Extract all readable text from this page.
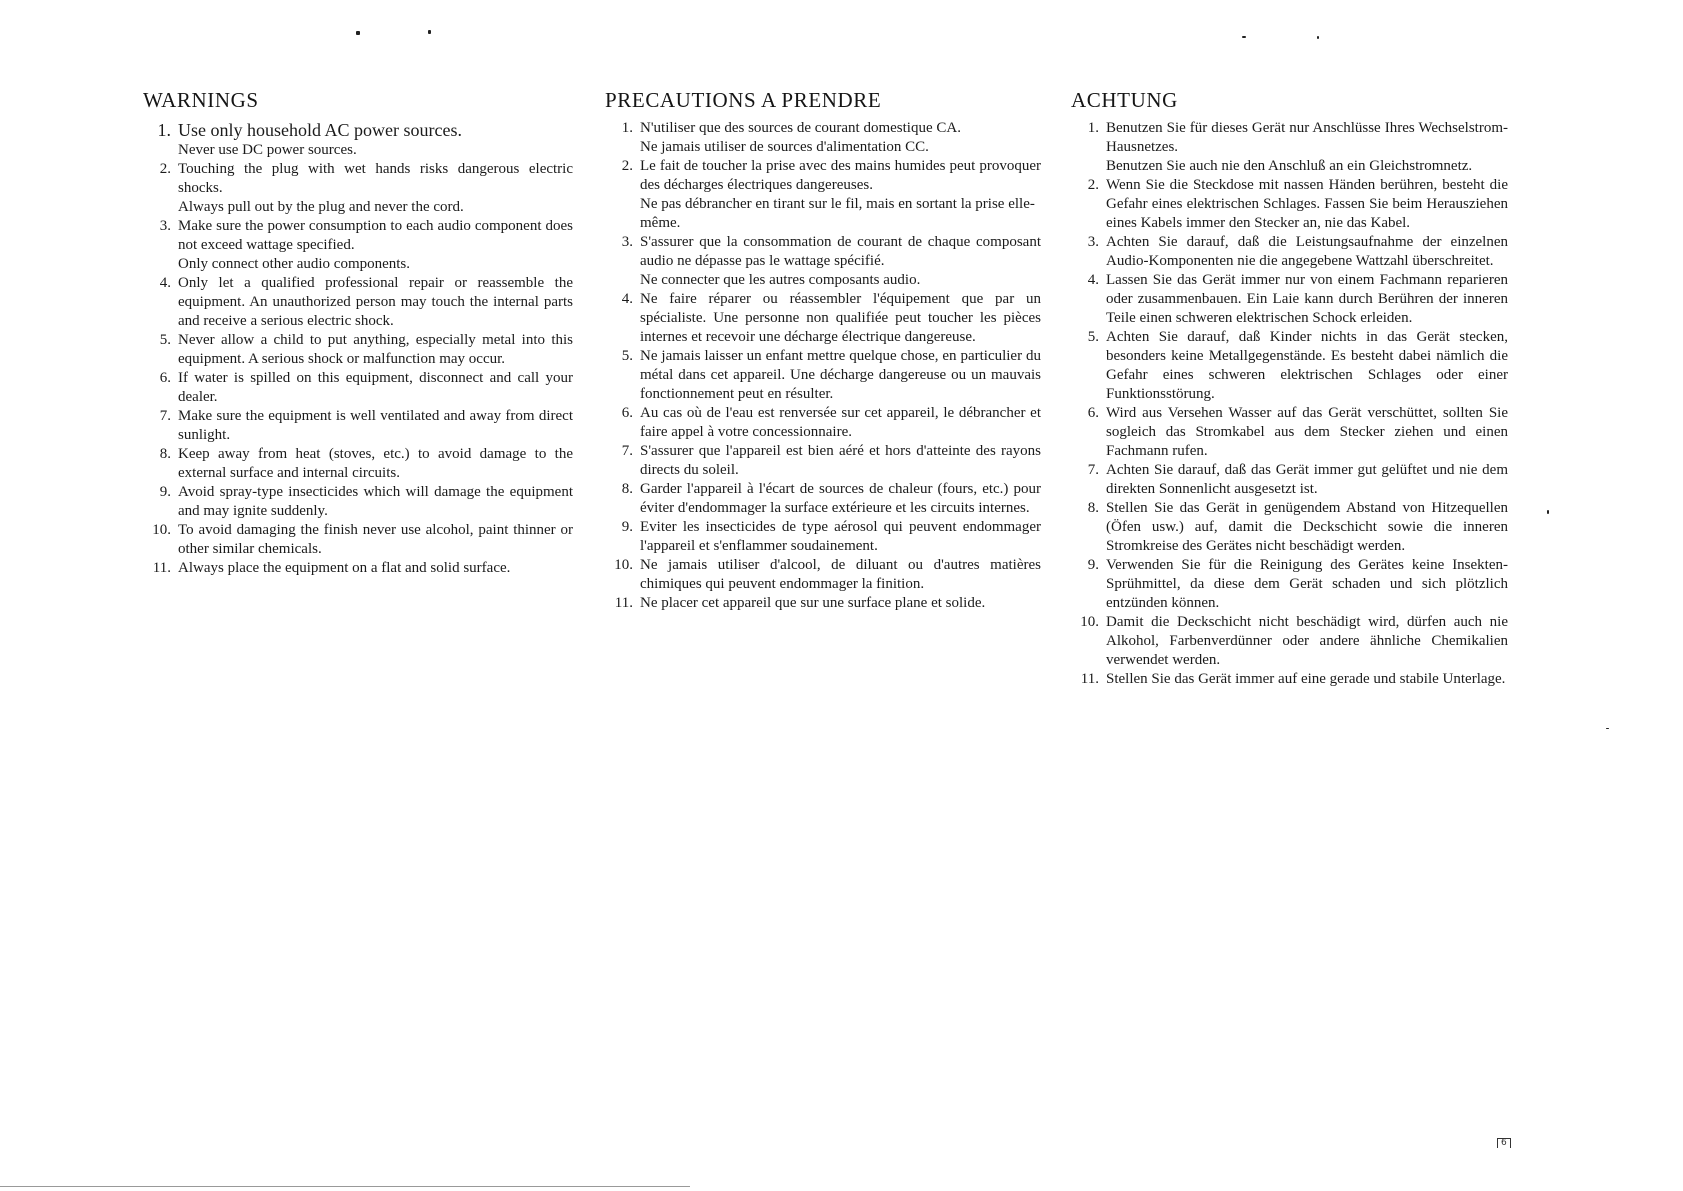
WARNINGS
1. Use only household AC power sources.
Never use DC power sources.
2. Touching the plug with wet hands risks dangerous electric shocks.
Always pull out by the plug and never the cord.
3. Make sure the power consumption to each audio component does not exceed wattage specified.
Only connect other audio components.
4. Only let a qualified professional repair or reassemble the equipment. An unauthorized person may touch the internal parts and receive a serious electric shock.
5. Never allow a child to put anything, especially metal into this equipment. A serious shock or malfunction may occur.
6. If water is spilled on this equipment, disconnect and call your dealer.
7. Make sure the equipment is well ventilated and away from direct sunlight.
8. Keep away from heat (stoves, etc.) to avoid damage to the external surface and internal circuits.
9. Avoid spray-type insecticides which will damage the equipment and may ignite suddenly.
10. To avoid damaging the finish never use alcohol, paint thinner or other similar chemicals.
11. Always place the equipment on a flat and solid surface.
PRECAUTIONS A PRENDRE
1. N'utiliser que des sources de courant domestique CA.
Ne jamais utiliser de sources d'alimentation CC.
2. Le fait de toucher la prise avec des mains humides peut provoquer des décharges électriques dangereuses.
Ne pas débrancher en tirant sur le fil, mais en sortant la prise elle-même.
3. S'assurer que la consommation de courant de chaque composant audio ne dépasse pas le wattage spécifié.
Ne connecter que les autres composants audio.
4. Ne faire réparer ou réassembler l'équipement que par un spécialiste. Une personne non qualifiée peut toucher les pièces internes et recevoir une décharge électrique dangereuse.
5. Ne jamais laisser un enfant mettre quelque chose, en particulier du métal dans cet appareil. Une décharge dangereuse ou un mauvais fonctionnement peut en résulter.
6. Au cas où de l'eau est renversée sur cet appareil, le débrancher et faire appel à votre concessionnaire.
7. S'assurer que l'appareil est bien aéré et hors d'atteinte des rayons directs du soleil.
8. Garder l'appareil à l'écart de sources de chaleur (fours, etc.) pour éviter d'endommager la surface extérieure et les circuits internes.
9. Eviter les insecticides de type aérosol qui peuvent endommager l'appareil et s'enflammer soudainement.
10. Ne jamais utiliser d'alcool, de diluant ou d'autres matières chimiques qui peuvent endommager la finition.
11. Ne placer cet appareil que sur une surface plane et solide.
ACHTUNG
1. Benutzen Sie für dieses Gerät nur Anschlüsse Ihres Wechselstrom-Hausnetzes.
Benutzen Sie auch nie den Anschluß an ein Gleichstromnetz.
2. Wenn Sie die Steckdose mit nassen Händen berühren, besteht die Gefahr eines elektrischen Schlages. Fassen Sie beim Herausziehen eines Kabels immer den Stecker an, nie das Kabel.
3. Achten Sie darauf, daß die Leistungsaufnahme der einzelnen Audio-Komponenten nie die angegebene Wattzahl überschreitet.
4. Lassen Sie das Gerät immer nur von einem Fachmann reparieren oder zusammenbauen. Ein Laie kann durch Berühren der inneren Teile einen schweren elektrischen Schock erleiden.
5. Achten Sie darauf, daß Kinder nichts in das Gerät stecken, besonders keine Metallgegenstände. Es besteht dabei nämlich die Gefahr eines schweren elektrischen Schlages oder einer Funktionsstörung.
6. Wird aus Versehen Wasser auf das Gerät verschüttet, sollten Sie sogleich das Stromkabel aus dem Stecker ziehen und einen Fachmann rufen.
7. Achten Sie darauf, daß das Gerät immer gut gelüftet und nie dem direkten Sonnenlicht ausgesetzt ist.
8. Stellen Sie das Gerät in genügendem Abstand von Hitzequellen (Öfen usw.) auf, damit die Deckschicht sowie die inneren Stromkreise des Gerätes nicht beschädigt werden.
9. Verwenden Sie für die Reinigung des Gerätes keine Insekten-Sprühmittel, da diese dem Gerät schaden und sich plötzlich entzünden können.
10. Damit die Deckschicht nicht beschädigt wird, dürfen auch nie Alkohol, Farbenverdünner oder andere ähnliche Chemikalien verwendet werden.
11. Stellen Sie das Gerät immer auf eine gerade und stabile Unterlage.
6
